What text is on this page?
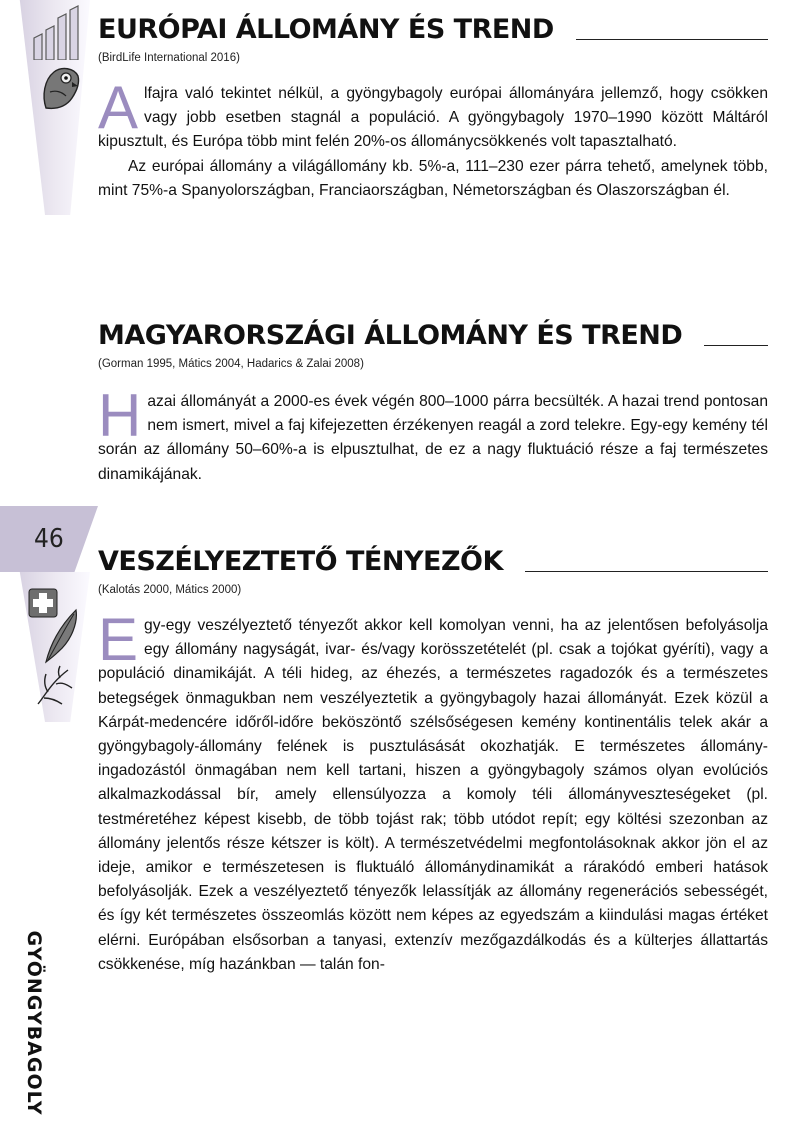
46
GYÖNGYBAGOLY
EURÓPAI ÁLLOMÁNY ÉS TREND
(BirdLife International 2016)

Alfajra való tekintet nélkül, a gyöngybagoly európai állományára jellemző, hogy csökken vagy jobb esetben stagnál a populáció. A gyöngybagoly 1970–1990 között Máltáról kipusztult, és Európa több mint felén 20%-os állománycsökkenés volt tapasztalható.

Az európai állomány a világállomány kb. 5%-a, 111–230 ezer párra tehető, amelynek több, mint 75%-a Spanyolországban, Franciaországban, Németországban és Olaszországban él.

MAGYARORSZÁGI ÁLLOMÁNY ÉS TREND
(Gorman 1995, Mátics 2004, Hadarics & Zalai 2008)

Hazai állományát a 2000-es évek végén 800–1000 párra becsülték. A hazai trend pontosan nem ismert, mivel a faj kifejezetten érzékenyen reagál a zord telekre. Egy-egy kemény tél során az állomány 50–60%-a is elpusztulhat, de ez a nagy fluktuáció része a faj természetes dinamikájának.

VESZÉLYEZTETŐ TÉNYEZŐK
(Kalotás 2000, Mátics 2000)

Egy-egy veszélyeztető tényezőt akkor kell komolyan venni, ha az jelentősen befolyásolja egy állomány nagyságát, ivar- és/vagy korösszetételét (pl. csak a tojókat gyéríti), vagy a populáció dinamikáját. A téli hideg, az éhezés, a természetes ragadozók és a természetes betegségek önmagukban nem veszélyeztetik a gyöngybagoly hazai állományát. Ezek közül a Kárpát-medencére időről-időre beköszöntő szélsőségesen kemény kontinentális telek akár a gyöngybagoly-állomány felének is pusztulásását okozhatják. E természetes állomány-ingadozástól önmagában nem kell tartani, hiszen a gyöngybagoly számos olyan evolúciós alkalmazkodással bír, amely ellensúlyozza a komoly téli állományveszteségeket (pl. testméretéhez képest kisebb, de több tojást rak; több utódot repít; egy költési szezonban az állomány jelentős része kétszer is költ). A természetvédelmi megfontolásoknak akkor jön el az ideje, amikor e természetesen is fluktuáló állománydinamikát a rárakódó emberi hatások befolyásolják. Ezek a veszélyeztető tényezők lelassítják az állomány regenerációs sebességét, és így két természetes összeomlás között nem képes az egyedszám a kiindulási magas értéket elérni. Európában elsősorban a tanyasi, extenzív mezőgazdálkodás és a külterjes állattartás csökkenése, míg hazánkban — talán fon-
